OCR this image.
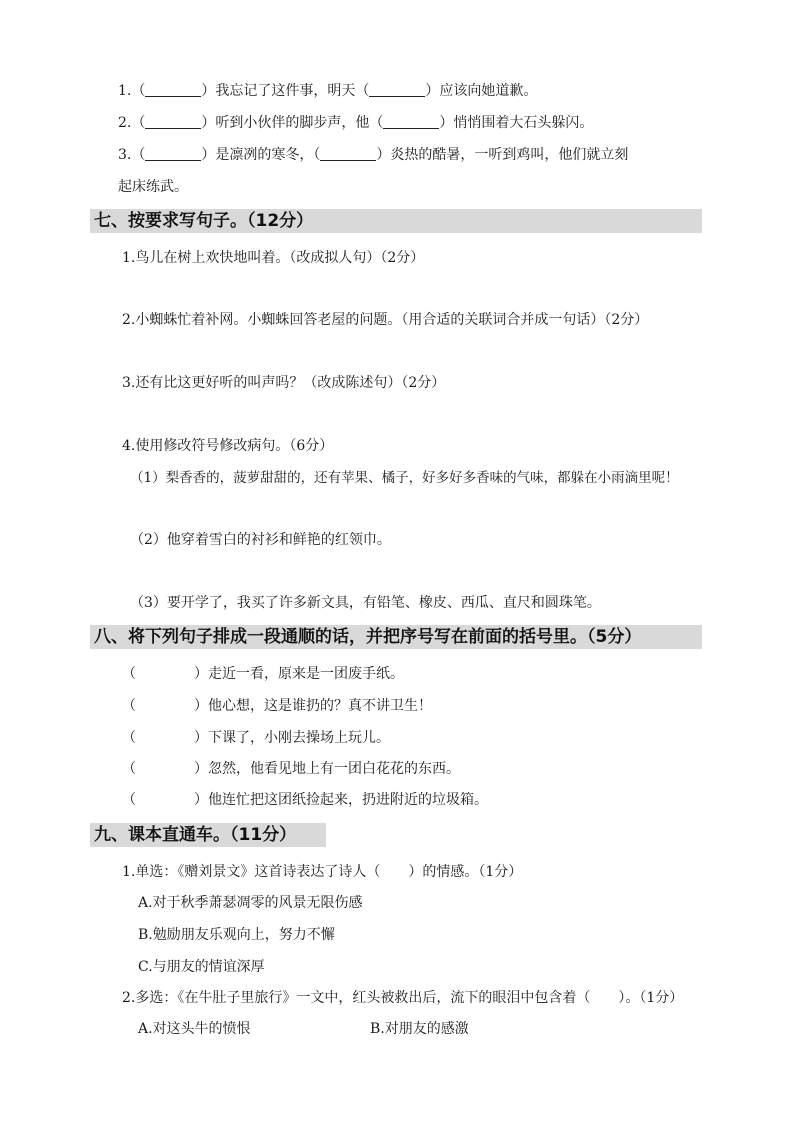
1.（	）我忘记了这件事，明天（	）应该向她道歉。
2.（	）听到小伙伴的脚步声，他（	）悄悄围着大石头躲闪。
3.（	）是凛冽的寒冬，（	）炎热的酷暑，一听到鸡叫，他们就立刻
起床练武。
七、按要求写句子。（12分）
1.鸟儿在树上欢快地叫着。（改成拟人句）（2分）
2.小蜘蛛忙着补网。小蜘蛛回答老屋的问题。（用合适的关联词合并成一句话）（2分）
3.还有比这更好听的叫声吗？（改成陈述句）（2分）
4.使用修改符号修改病句。（6分）
（1）梨香香的，菠萝甜甜的，还有苹果、橘子，好多好多香味的气味，都躲在小雨滴里呢！
（2）他穿着雪白的衬衫和鲜艳的红领巾。
（3）要开学了，我买了许多新文具，有铅笔、橡皮、西瓜、直尺和圆珠笔。
八、将下列句子排成一段通顺的话，并把序号写在前面的括号里。（5分）
（	）走近一看，原来是一团废手纸。
（	）他心想，这是谁扔的？真不讲卫生！
（	）下课了，小刚去操场上玩儿。
（	）忽然，他看见地上有一团白花花的东西。
（	）他连忙把这团纸捡起来，扔进附近的垃圾箱。
九、课本直通车。（11分）
1.单选：《赠刘景文》这首诗表达了诗人（　　）的情感。（1分）
A.对于秋季萧瑟凋零的风景无限伤感
B.勉励朋友乐观向上，努力不懈
C.与朋友的情谊深厚
2.多选：《在牛肚子里旅行》一文中，红头被救出后，流下的眼泪中包含着（　　）。（1分）
A.对这头牛的愤恨	B.对朋友的感激
